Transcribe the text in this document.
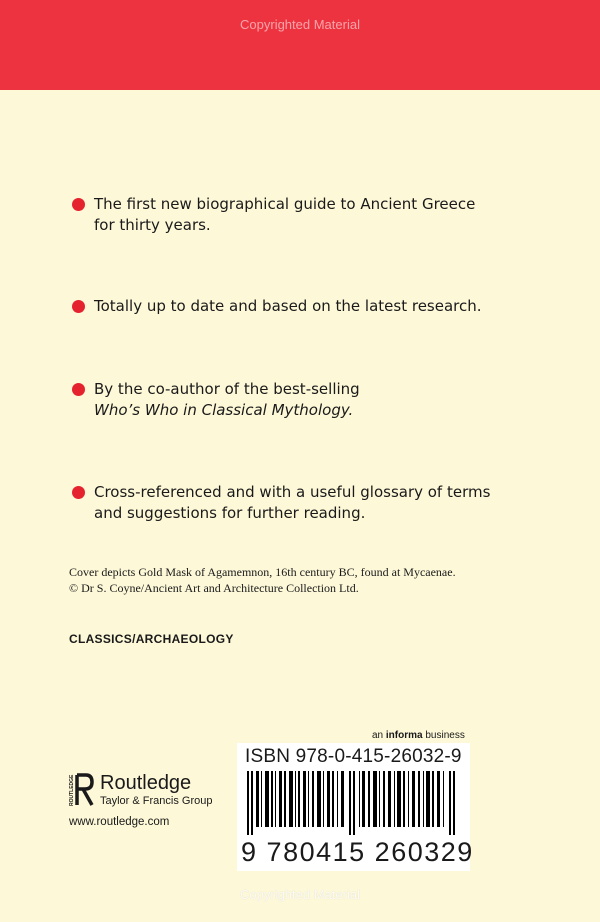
Copyrighted Material
The first new biographical guide to Ancient Greece
for thirty years.
Totally up to date and based on the latest research.
By the co-author of the best-selling
Who’s Who in Classical Mythology.
Cross-referenced and with a useful glossary of terms
and suggestions for further reading.
Cover depicts Gold Mask of Agamemnon, 16th century BC, found at Mycaenae.
© Dr S. Coyne/Ancient Art and Architecture Collection Ltd.
CLASSICS/ARCHAEOLOGY
ROUTLEDGE Routledge
Taylor & Francis Group
www.routledge.com
an informa business
ISBN 978-0-415-26032-9
9 780415 260329
Copyrighted Material
